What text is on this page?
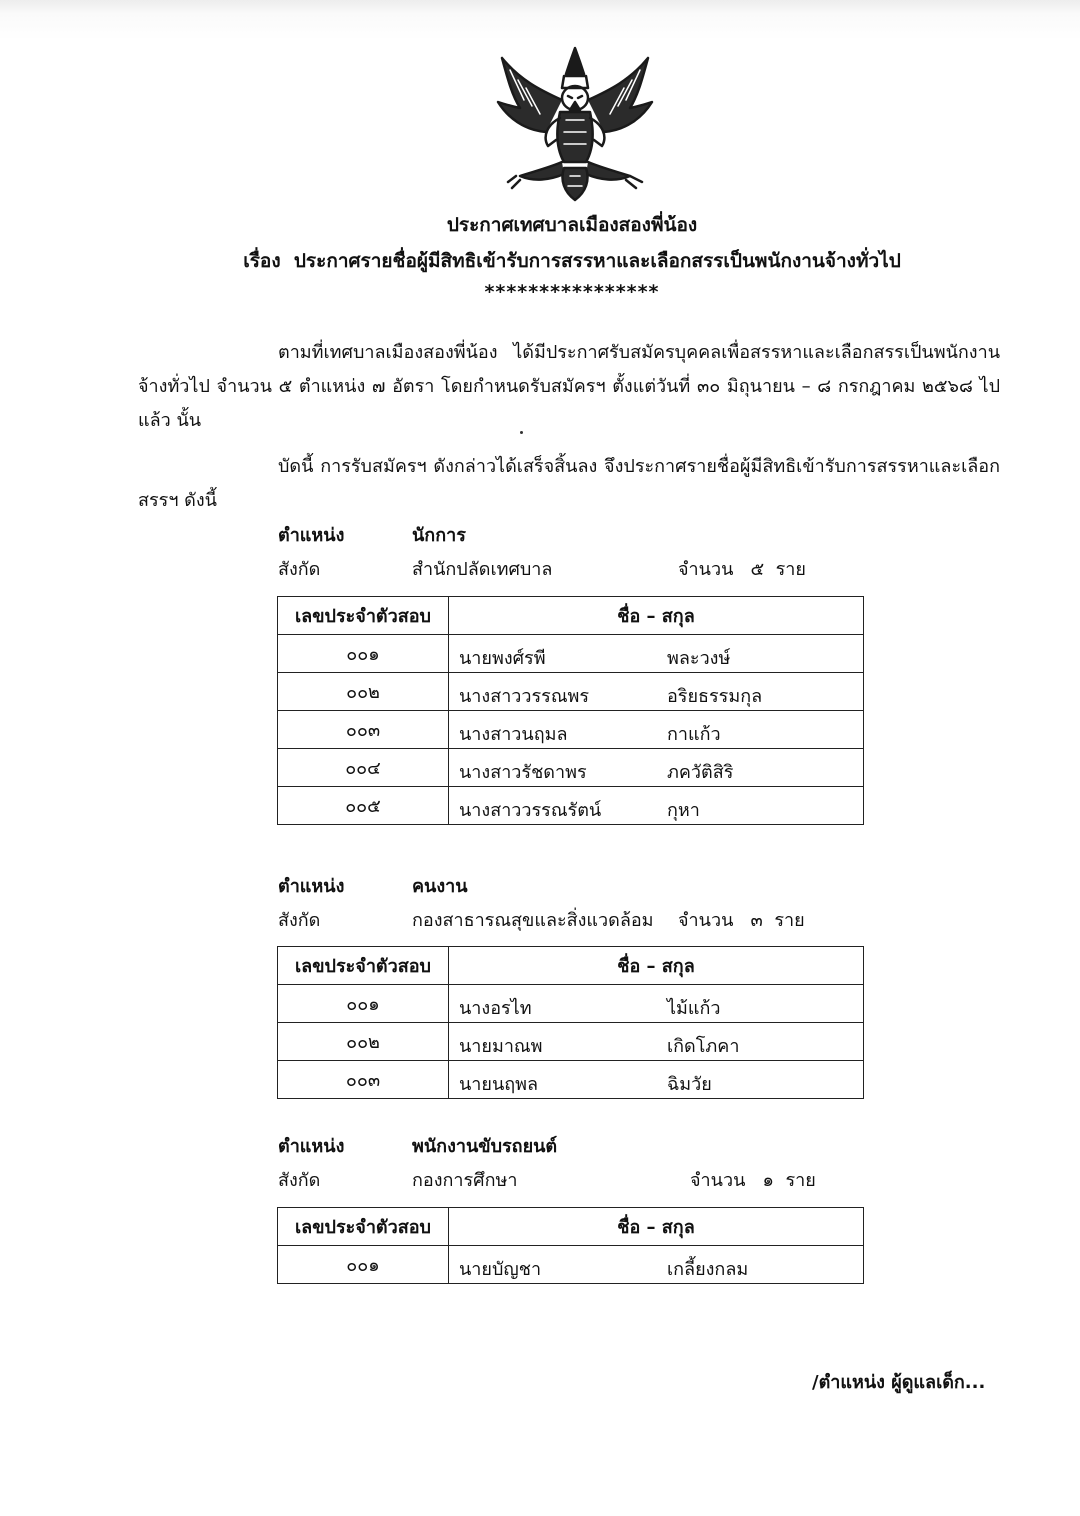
ประกาศเทศบาลเมืองสองพี่น้อง
เรื่อง ประกาศรายชื่อผู้มีสิทธิเข้ารับการสรรหาและเลือกสรรเป็นพนักงานจ้างทั่วไป
****************
ตามที่เทศบาลเมืองสองพี่น้อง ได้มีประกาศรับสมัครบุคคลเพื่อสรรหาและเลือกสรรเป็นพนักงานจ้างทั่วไป จำนวน ๕ ตำแหน่ง ๗ อัตรา โดยกำหนดรับสมัครฯ ตั้งแต่วันที่ ๓๐ มิถุนายน – ๘ กรกฎาคม ๒๕๖๘ ไปแล้ว นั้น
บัดนี้ การรับสมัครฯ ดังกล่าวได้เสร็จสิ้นลง จึงประกาศรายชื่อผู้มีสิทธิเข้ารับการสรรหาและเลือกสรรฯ ดังนี้
ตำแหน่ง	นักการ
สังกัด	สำนักปลัดเทศบาล	จำนวน ๕ ราย
เลขประจำตัวสอบ	ชื่อ – สกุล
๐๐๑	นายพงศ์รพี พละวงษ์

๐๐๒	นางสาววรรณพร อริยธรรมกุล

๐๐๓	นางสาวนฤมล กาแก้ว

๐๐๔	นางสาวรัชดาพร ภควัติสิริ

๐๐๕	นางสาววรรณรัตน์ กุหา
ตำแหน่ง	คนงาน
สังกัด	กองสาธารณสุขและสิ่งแวดล้อม จำนวน ๓ ราย
เลขประจำตัวสอบ	ชื่อ – สกุล
๐๐๑	นางอรไท ไม้แก้ว

๐๐๒	นายมาณพ เกิดโภคา

๐๐๓	นายนฤพล ฉิมวัย
ตำแหน่ง	พนักงานขับรถยนต์
สังกัด	กองการศึกษา	จำนวน ๑ ราย
เลขประจำตัวสอบ	ชื่อ – สกุล
๐๐๑	นายบัญชา เกลี้ยงกลม
/ตำแหน่ง ผู้ดูแลเด็ก...
